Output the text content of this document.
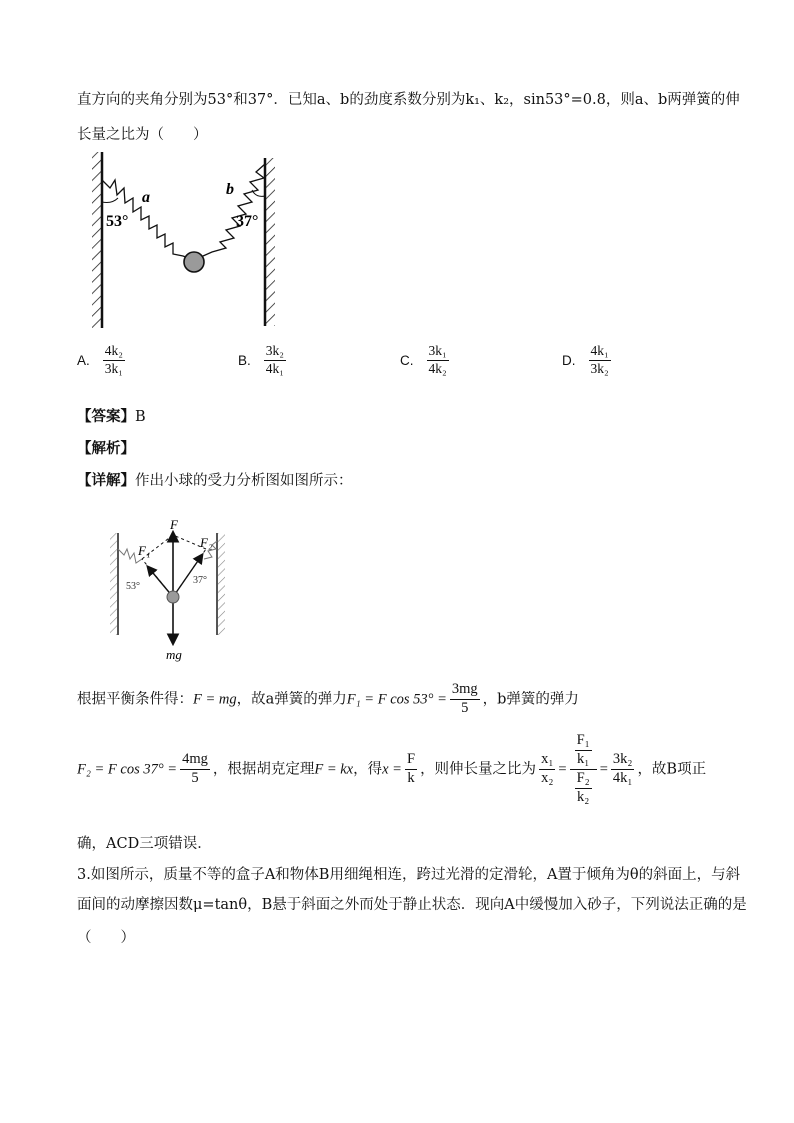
直方向的夹角分别为53°和37°．已知a、b的劲度系数分别为k₁、k₂，sin53°=0.8，则a、b两弹簧的伸
长量之比为（　　）
a	b
53°	37°
A. $\frac{\text{4k₂}}{\text{3k₁}}$	B. $\frac{\text{3k₂}}{\text{4k₁}}$	C. $\frac{\text{3k₁}}{\text{4k₂}}$	D. $\frac{\text{4k₁}}{\text{3k₂}}$
【答案】B
【解析】
【详解】作出小球的受力分析图如图所示：
F
F₁
F₂
mg
53°
37°
根据平衡条件得：F = mg，故a弹簧的弹力F₁ = F $\cos 53^\circ = \frac{3mg}{5}$ ，b弹簧的弹力
F₂ = F $\cos 37^\circ = \frac{4mg}{5}$ ，根据胡克定理F = kx，得$x = \frac{F}{k}$ ，则伸长量之比为 $\frac{\text{x₁}}{\text{x₂}} = \frac{\frac{\text{F₁}}{\text{k₁}}}{\frac{\text{F₂}}{\text{k₂}}} = \frac{\text{3k₂}}{\text{4k₁}}$ ，故B项正
确，ACD三项错误．
3.如图所示，质量不等的盒子A和物体B用细绳相连，跨过光滑的定滑轮，A置于倾角为θ的斜面上，与斜
面间的动摩擦因数μ=tanθ，B悬于斜面之外而处于静止状态．现向A中缓慢加入砂子，下列说法正确的是
（　　）
